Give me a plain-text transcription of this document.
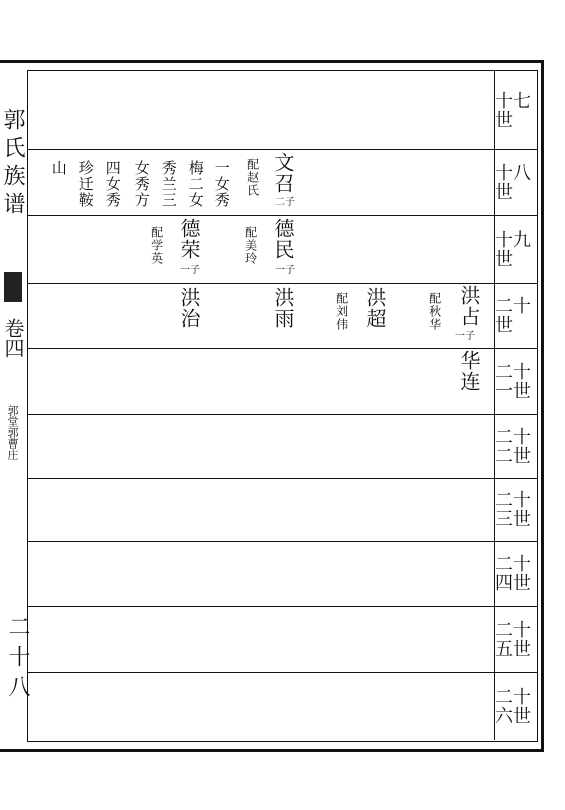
十七世
十八世
十九世
二十世
二十一世
二十二世
二十三世
二十四世
二十五世
二十六世
郭氏族谱
卷四
郭堂郭曹庄
二十八
文召
二子
配赵氏
一女秀
梅二女
秀兰三
女秀方
四女秀
珍迁鞍
山
德民
一子
配美玲
德荣
一子
配学英
洪雨
洪治	洪超
配刘伟	洪占
一子
配秋华
华连
